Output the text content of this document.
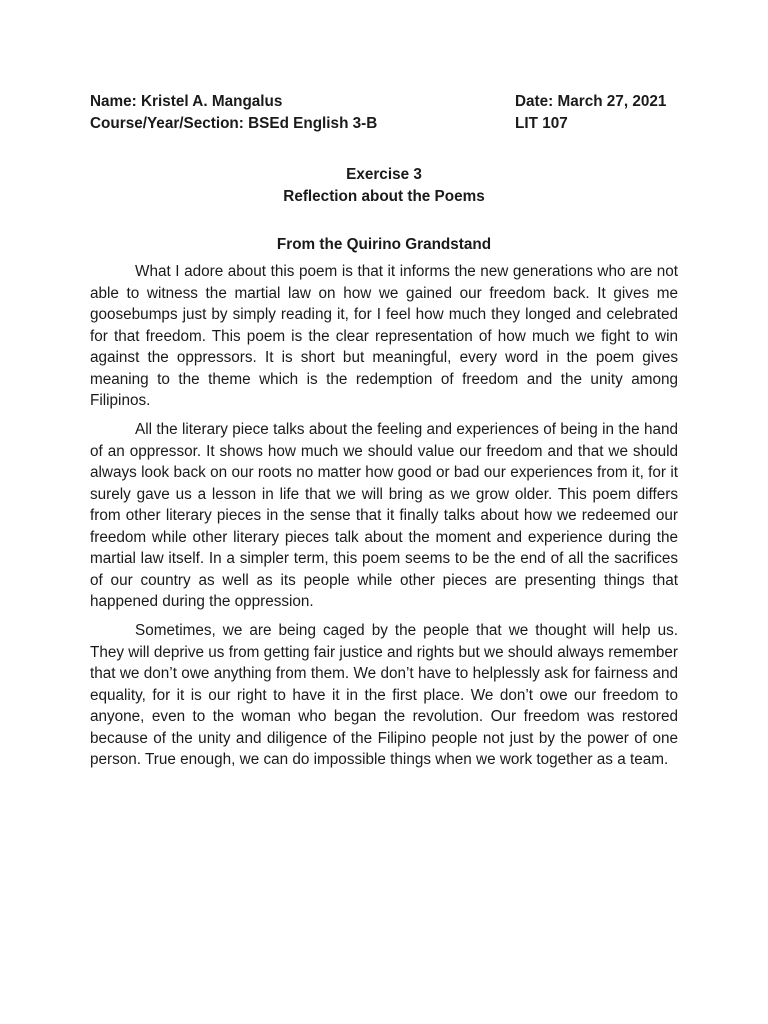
Name: Kristel A. Mangalus	Date: March 27, 2021
Course/Year/Section: BSEd English 3-B	LIT 107
Exercise 3
Reflection about the Poems
From the Quirino Grandstand

What I adore about this poem is that it informs the new generations who are not able to witness the martial law on how we gained our freedom back. It gives me goosebumps just by simply reading it, for I feel how much they longed and celebrated for that freedom. This poem is the clear representation of how much we fight to win against the oppressors. It is short but meaningful, every word in the poem gives meaning to the theme which is the redemption of freedom and the unity among Filipinos.

All the literary piece talks about the feeling and experiences of being in the hand of an oppressor. It shows how much we should value our freedom and that we should always look back on our roots no matter how good or bad our experiences from it, for it surely gave us a lesson in life that we will bring as we grow older. This poem differs from other literary pieces in the sense that it finally talks about how we redeemed our freedom while other literary pieces talk about the moment and experience during the martial law itself. In a simpler term, this poem seems to be the end of all the sacrifices of our country as well as its people while other pieces are presenting things that happened during the oppression.

Sometimes, we are being caged by the people that we thought will help us. They will deprive us from getting fair justice and rights but we should always remember that we don’t owe anything from them. We don’t have to helplessly ask for fairness and equality, for it is our right to have it in the first place. We don’t owe our freedom to anyone, even to the woman who began the revolution. Our freedom was restored because of the unity and diligence of the Filipino people not just by the power of one person. True enough, we can do impossible things when we work together as a team.
